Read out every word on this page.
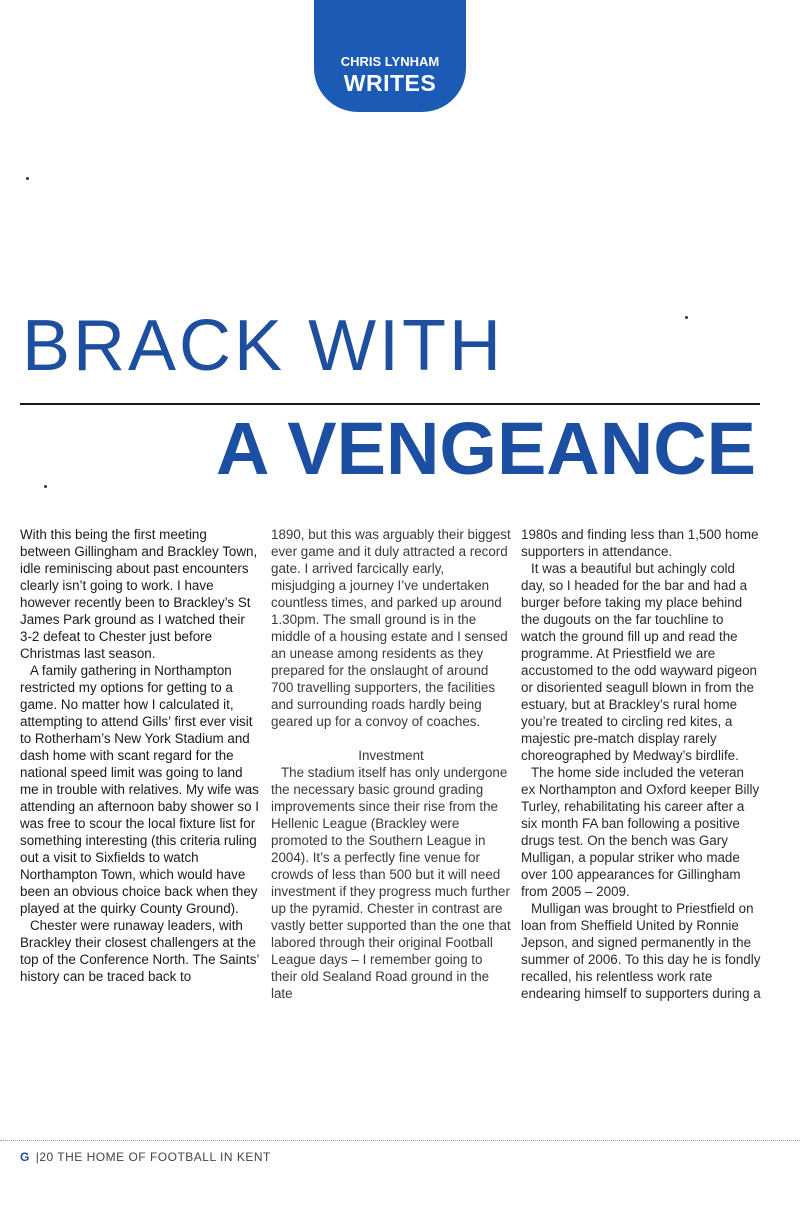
CHRIS LYNHAM
WRITES
BRACK WITH
A VENGEANCE

With this being the first meeting between Gillingham and Brackley Town, idle reminiscing about past encounters clearly isn’t going to work. I have however recently been to Brackley’s St James Park ground as I watched their 3-2 defeat to Chester just before Christmas last season.

A family gathering in Northampton restricted my options for getting to a game. No matter how I calculated it, attempting to attend Gills’ first ever visit to Rotherham’s New York Stadium and dash home with scant regard for the national speed limit was going to land me in trouble with relatives. My wife was attending an afternoon baby shower so I was free to scour the local fixture list for something interesting (this criteria ruling out a visit to Sixfields to watch Northampton Town, which would have been an obvious choice back when they played at the quirky County Ground).

Chester were runaway leaders, with Brackley their closest challengers at the top of the Conference North. The Saints’ history can be traced back to

1890, but this was arguably their biggest ever game and it duly attracted a record gate. I arrived farcically early, misjudging a journey I’ve undertaken countless times, and parked up around 1.30pm. The small ground is in the middle of a housing estate and I sensed an unease among residents as they prepared for the onslaught of around 700 travelling supporters, the facilities and surrounding roads hardly being geared up for a convoy of coaches.

Investment

The stadium itself has only undergone the necessary basic ground grading improvements since their rise from the Hellenic League (Brackley were promoted to the Southern League in 2004). It’s a perfectly fine venue for crowds of less than 500 but it will need investment if they progress much further up the pyramid. Chester in contrast are vastly better supported than the one that labored through their original Football League days – I remember going to their old Sealand Road ground in the late

1980s and finding less than 1,500 home supporters in attendance.

It was a beautiful but achingly cold day, so I headed for the bar and had a burger before taking my place behind the dugouts on the far touchline to watch the ground fill up and read the programme. At Priestfield we are accustomed to the odd wayward pigeon or disoriented seagull blown in from the estuary, but at Brackley’s rural home you’re treated to circling red kites, a majestic pre-match display rarely choreographed by Medway’s birdlife.

The home side included the veteran ex Northampton and Oxford keeper Billy Turley, rehabilitating his career after a six month FA ban following a positive drugs test. On the bench was Gary Mulligan, a popular striker who made over 100 appearances for Gillingham from 2005 – 2009.

Mulligan was brought to Priestfield on loan from Sheffield United by Ronnie Jepson, and signed permanently in the summer of 2006. To this day he is fondly recalled, his relentless work rate endearing himself to supporters during a

G |20 THE HOME OF FOOTBALL IN KENT
